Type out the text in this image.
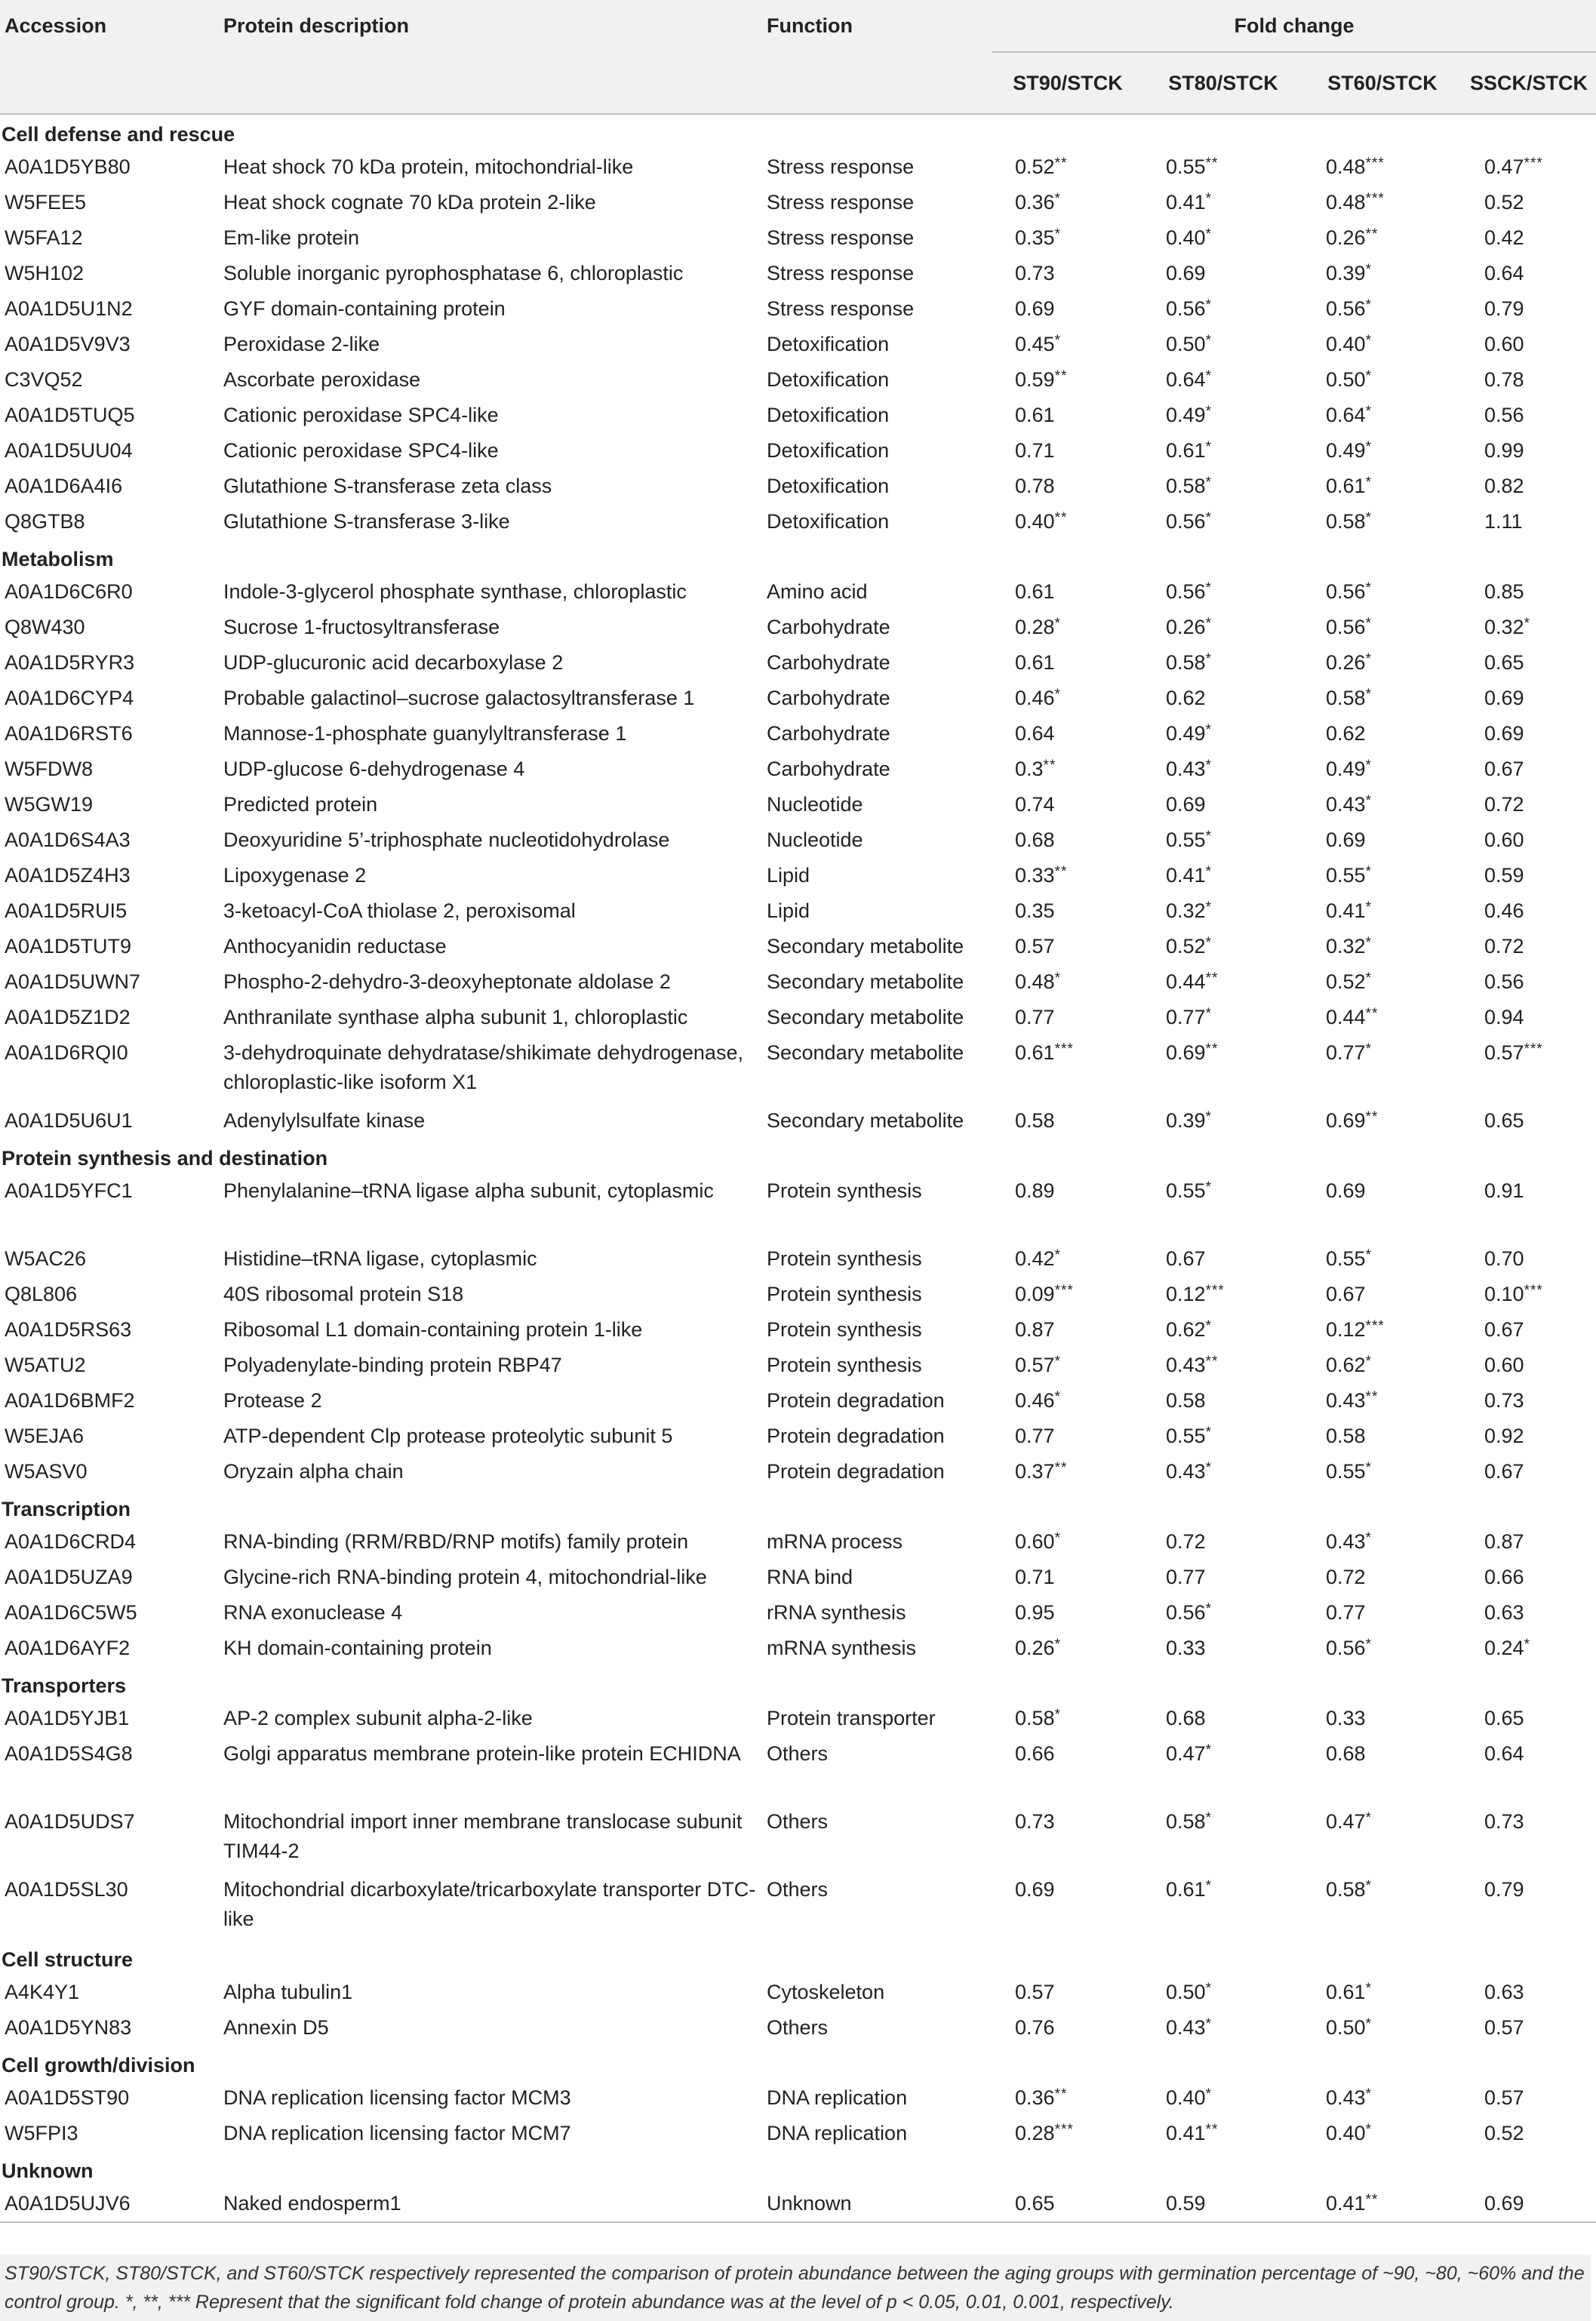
Accession	Protein description	Function	Fold change			
			ST90/STCK	ST80/STCK	ST60/STCK	SSCK/STCK
Cell defense and rescue						
A0A1D5YB80	Heat shock 70 kDa protein, mitochondrial-like	Stress response	0.52**	0.55**	0.48***	0.47***
W5FEE5	Heat shock cognate 70 kDa protein 2-like	Stress response	0.36*	0.41*	0.48***	0.52
W5FA12	Em-like protein	Stress response	0.35*	0.40*	0.26**	0.42
W5H102	Soluble inorganic pyrophosphatase 6, chloroplastic	Stress response	0.73	0.69	0.39*	0.64
A0A1D5U1N2	GYF domain-containing protein	Stress response	0.69	0.56*	0.56*	0.79
A0A1D5V9V3	Peroxidase 2-like	Detoxification	0.45*	0.50*	0.40*	0.60
C3VQ52	Ascorbate peroxidase	Detoxification	0.59**	0.64*	0.50*	0.78
A0A1D5TUQ5	Cationic peroxidase SPC4-like	Detoxification	0.61	0.49*	0.64*	0.56
A0A1D5UU04	Cationic peroxidase SPC4-like	Detoxification	0.71	0.61*	0.49*	0.99
A0A1D6A4I6	Glutathione S-transferase zeta class	Detoxification	0.78	0.58*	0.61*	0.82
Q8GTB8	Glutathione S-transferase 3-like	Detoxification	0.40**	0.56*	0.58*	1.11
Metabolism						
A0A1D6C6R0	Indole-3-glycerol phosphate synthase, chloroplastic	Amino acid	0.61	0.56*	0.56*	0.85
Q8W430	Sucrose 1-fructosyltransferase	Carbohydrate	0.28*	0.26*	0.56*	0.32*
A0A1D5RYR3	UDP-glucuronic acid decarboxylase 2	Carbohydrate	0.61	0.58*	0.26*	0.65
A0A1D6CYP4	Probable galactinol–sucrose galactosyltransferase 1	Carbohydrate	0.46*	0.62	0.58*	0.69
A0A1D6RST6	Mannose-1-phosphate guanylyltransferase 1	Carbohydrate	0.64	0.49*	0.62	0.69
W5FDW8	UDP-glucose 6-dehydrogenase 4	Carbohydrate	0.3**	0.43*	0.49*	0.67
W5GW19	Predicted protein	Nucleotide	0.74	0.69	0.43*	0.72
A0A1D6S4A3	Deoxyuridine 5’-triphosphate nucleotidohydrolase	Nucleotide	0.68	0.55*	0.69	0.60
A0A1D5Z4H3	Lipoxygenase 2	Lipid	0.33**	0.41*	0.55*	0.59
A0A1D5RUI5	3-ketoacyl-CoA thiolase 2, peroxisomal	Lipid	0.35	0.32*	0.41*	0.46
A0A1D5TUT9	Anthocyanidin reductase	Secondary metabolite	0.57	0.52*	0.32*	0.72
A0A1D5UWN7	Phospho-2-dehydro-3-deoxyheptonate aldolase 2	Secondary metabolite	0.48*	0.44**	0.52*	0.56
A0A1D5Z1D2	Anthranilate synthase alpha subunit 1, chloroplastic	Secondary metabolite	0.77	0.77*	0.44**	0.94
A0A1D6RQI0	3-dehydroquinate dehydratase/shikimate dehydrogenase, chloroplastic-like isoform X1	Secondary metabolite	0.61***	0.69**	0.77*	0.57***
A0A1D5U6U1	Adenylylsulfate kinase	Secondary metabolite	0.58	0.39*	0.69**	0.65
Protein synthesis and destination						
A0A1D5YFC1	Phenylalanine–tRNA ligase alpha subunit, cytoplasmic	Protein synthesis	0.89	0.55*	0.69	0.91
W5AC26	Histidine–tRNA ligase, cytoplasmic	Protein synthesis	0.42*	0.67	0.55*	0.70
Q8L806	40S ribosomal protein S18	Protein synthesis	0.09***	0.12***	0.67	0.10***
A0A1D5RS63	Ribosomal L1 domain-containing protein 1-like	Protein synthesis	0.87	0.62*	0.12***	0.67
W5ATU2	Polyadenylate-binding protein RBP47	Protein synthesis	0.57*	0.43**	0.62*	0.60
A0A1D6BMF2	Protease 2	Protein degradation	0.46*	0.58	0.43**	0.73
W5EJA6	ATP-dependent Clp protease proteolytic subunit 5	Protein degradation	0.77	0.55*	0.58	0.92
W5ASV0	Oryzain alpha chain	Protein degradation	0.37**	0.43*	0.55*	0.67
Transcription						
A0A1D6CRD4	RNA-binding (RRM/RBD/RNP motifs) family protein	mRNA process	0.60*	0.72	0.43*	0.87
A0A1D5UZA9	Glycine-rich RNA-binding protein 4, mitochondrial-like	RNA bind	0.71	0.77	0.72	0.66
A0A1D6C5W5	RNA exonuclease 4	rRNA synthesis	0.95	0.56*	0.77	0.63
A0A1D6AYF2	KH domain-containing protein	mRNA synthesis	0.26*	0.33	0.56*	0.24*
Transporters						
A0A1D5YJB1	AP-2 complex subunit alpha-2-like	Protein transporter	0.58*	0.68	0.33	0.65
A0A1D5S4G8	Golgi apparatus membrane protein-like protein ECHIDNA	Others	0.66	0.47*	0.68	0.64
A0A1D5UDS7	Mitochondrial import inner membrane translocase subunit TIM44-2	Others	0.73	0.58*	0.47*	0.73
A0A1D5SL30	Mitochondrial dicarboxylate/tricarboxylate transporter DTC-like	Others	0.69	0.61*	0.58*	0.79
Cell structure						
A4K4Y1	Alpha tubulin1	Cytoskeleton	0.57	0.50*	0.61*	0.63
A0A1D5YN83	Annexin D5	Others	0.76	0.43*	0.50*	0.57
Cell growth/division						
A0A1D5ST90	DNA replication licensing factor MCM3	DNA replication	0.36**	0.40*	0.43*	0.57
W5FPI3	DNA replication licensing factor MCM7	DNA replication	0.28***	0.41**	0.40*	0.52
Unknown						
A0A1D5UJV6	Naked endosperm1	Unknown	0.65	0.59	0.41**	0.69
ST90/STCK, ST80/STCK, and ST60/STCK respectively represented the comparison of protein abundance between the aging groups with germination percentage of ~90, ~80, ~60% and the control group. *, **, *** Represent that the significant fold change of protein abundance was at the level of p < 0.05, 0.01, 0.001, respectively.
